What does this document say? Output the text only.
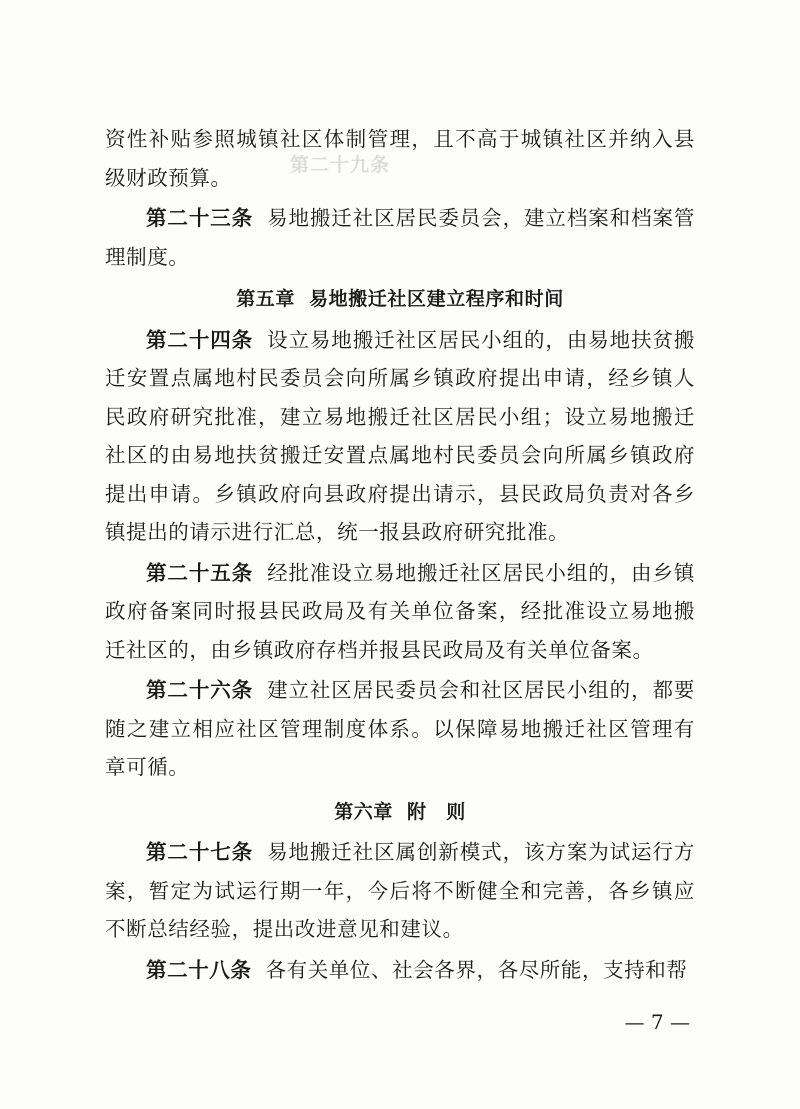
第二十九条

资性补贴参照城镇社区体制管理，且不高于城镇社区并纳入县级财政预算。

第二十三条 易地搬迁社区居民委员会，建立档案和档案管理制度。

第五章 易地搬迁社区建立程序和时间

第二十四条 设立易地搬迁社区居民小组的，由易地扶贫搬迁安置点属地村民委员会向所属乡镇政府提出申请，经乡镇人民政府研究批准，建立易地搬迁社区居民小组；设立易地搬迁社区的由易地扶贫搬迁安置点属地村民委员会向所属乡镇政府提出申请。乡镇政府向县政府提出请示，县民政局负责对各乡镇提出的请示进行汇总，统一报县政府研究批准。

第二十五条 经批准设立易地搬迁社区居民小组的，由乡镇政府备案同时报县民政局及有关单位备案，经批准设立易地搬迁社区的，由乡镇政府存档并报县民政局及有关单位备案。

第二十六条 建立社区居民委员会和社区居民小组的，都要随之建立相应社区管理制度体系。以保障易地搬迁社区管理有章可循。

第六章 附　则

第二十七条 易地搬迁社区属创新模式，该方案为试运行方案，暂定为试运行期一年，今后将不断健全和完善，各乡镇应不断总结经验，提出改进意见和建议。

第二十八条 各有关单位、社会各界，各尽所能，支持和帮

— 7 —
